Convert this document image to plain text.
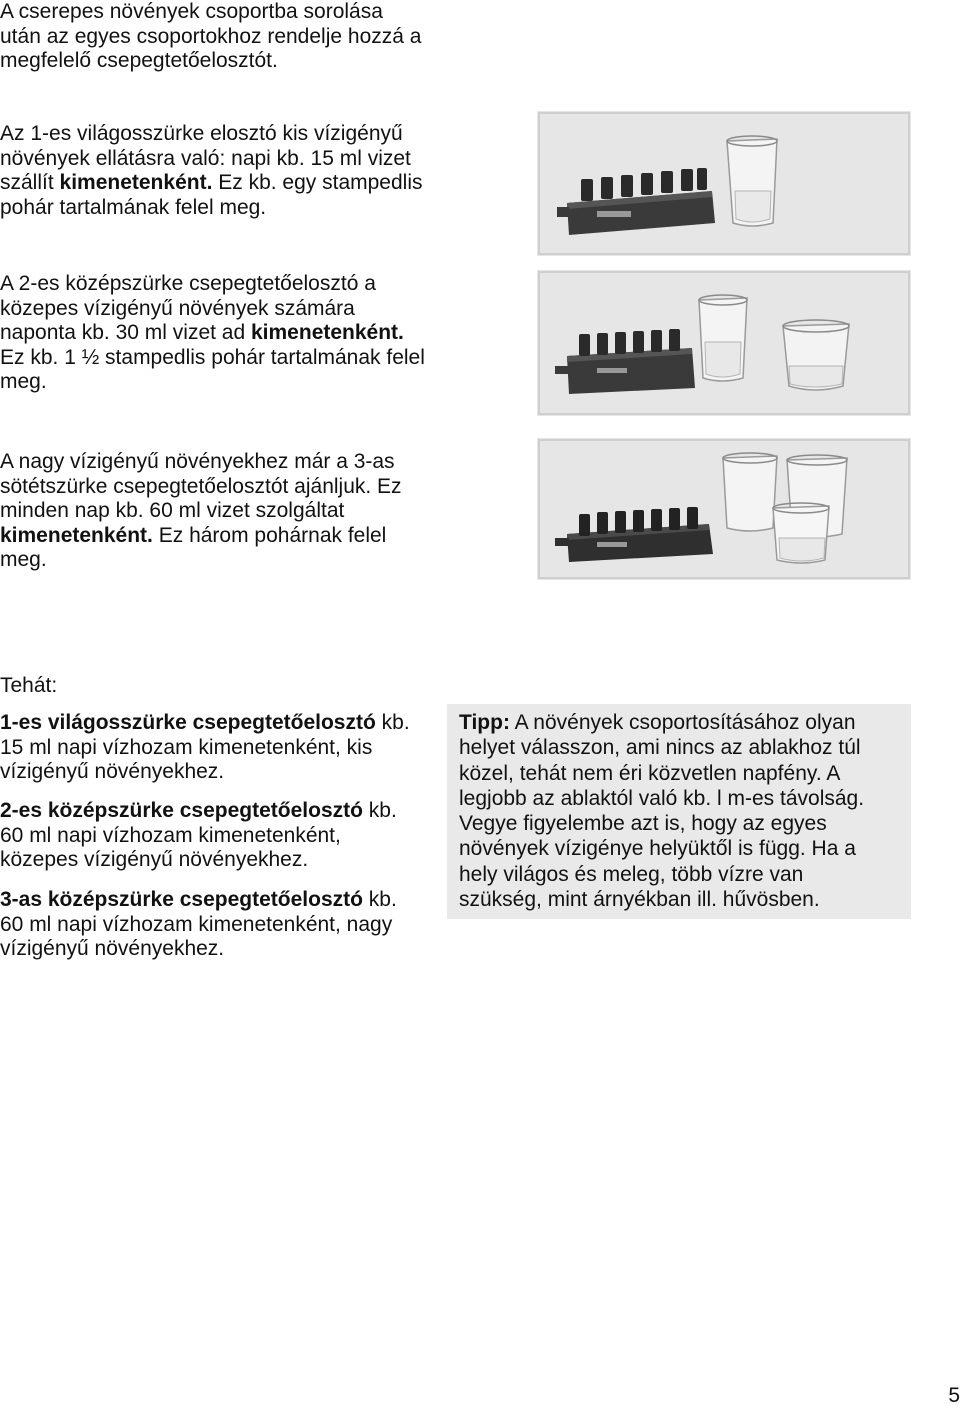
A cserepes növények csoportba sorolása
után az egyes csoportokhoz rendelje hozzá a
megfelelő csepegtetőelosztót.
Az 1-es világosszürke elosztó kis vízigényű
növények ellátásra való: napi kb. 15 ml vizet
szállít kimenetenként. Ez kb. egy stampedlis
pohár tartalmának felel meg.
A 2-es középszürke csepegtetőelosztó a
közepes vízigényű növények számára
naponta kb. 30 ml vizet ad kimenetenként.
Ez kb. 1 ½ stampedlis pohár tartalmának felel
meg.
A nagy vízigényű növényekhez már a 3-as
sötétszürke csepegtetőelosztót ajánljuk. Ez
minden nap kb. 60 ml vizet szolgáltat
kimenetenként. Ez három pohárnak felel
meg.
Tehát:
1-es világosszürke csepegtetőelosztó kb.
15 ml napi vízhozam kimenetenként, kis
vízigényű növényekhez.
2-es középszürke csepegtetőelosztó kb.
60 ml napi vízhozam kimenetenként,
közepes vízigényű növényekhez.
3-as középszürke csepegtetőelosztó kb.
60 ml napi vízhozam kimenetenként, nagy
vízigényű növényekhez.
Tipp: A növények csoportosításához olyan
helyet válasszon, ami nincs az ablakhoz túl
közel, tehát nem éri közvetlen napfény. A
legjobb az ablaktól való kb. l m-es távolság.
Vegye figyelembe azt is, hogy az egyes
növények vízigénye helyüktől is függ. Ha a
hely világos és meleg, több vízre van
szükség, mint árnyékban ill. hűvösben.
5
